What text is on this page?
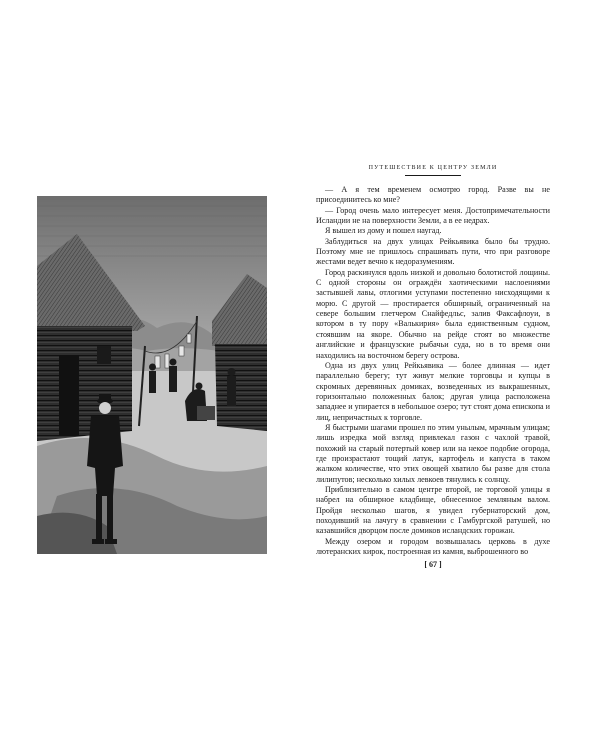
ПУТЕШЕСТВИЕ К ЦЕНТРУ ЗЕМЛИ

— А я тем временем осмотрю город. Разве вы не присоединитесь ко мне?

— Город очень мало интересует меня. Достопримечательности Исландии не на поверхности Земли, а в ее недрах.

Я вышел из дому и пошел наугад.

Заблудиться на двух улицах Рейкьявика было бы трудно. Поэтому мне не пришлось спрашивать пути, что при разговоре жестами ведет вечно к недоразумениям.

Город раскинулся вдоль низкой и довольно болотистой лощины. С одной стороны он ограждён хаотическими наслоениями застывшей лавы, отлогими уступами постепенно нисходящими к морю. С другой — простирается обширный, ограниченный на севере большим глетчером Снайфедльс, залив Факсафлоуи, в котором в ту пору «Валькирия» была единственным судном, стоявшим на якоре. Обычно на рейде стоят во множестве английские и французские рыбачьи суда, но в то время они находились на восточном берегу острова.

Одна из двух улиц Рейкьявика — более длинная — идет параллельно берегу; тут живут мелкие торговцы и купцы в скромных деревянных домиках, возведенных из выкрашенных, горизонтально положенных балок; другая улица расположена западнее и упирается в небольшое озеро; тут стоят дома епископа и лиц, непричастных к торговле.

Я быстрыми шагами прошел по этим унылым, мрачным улицам; лишь изредка мой взгляд привлекал газон с чахлой травой, похожий на старый потертый ковер или на некое подобие огорода, где произрастают тощий латук, картофель и капуста в таком жалком количестве, что этих овощей хватило бы разве для стола лилипутов; несколько хилых левкоев тянулись к солнцу.

Приблизительно в самом центре второй, не торговой улицы я набрел на обширное кладбище, обнесенное земляным валом. Пройдя несколько шагов, я увидел губернаторский дом, походивший на лачугу в сравнении с Гамбургской ратушей, но казавшийся дворцом после домиков исландских горожан.

Между озером и городом возвышалась церковь в духе лютеранских кирок, построенная из камня, выброшенного во

[ 67 ]
